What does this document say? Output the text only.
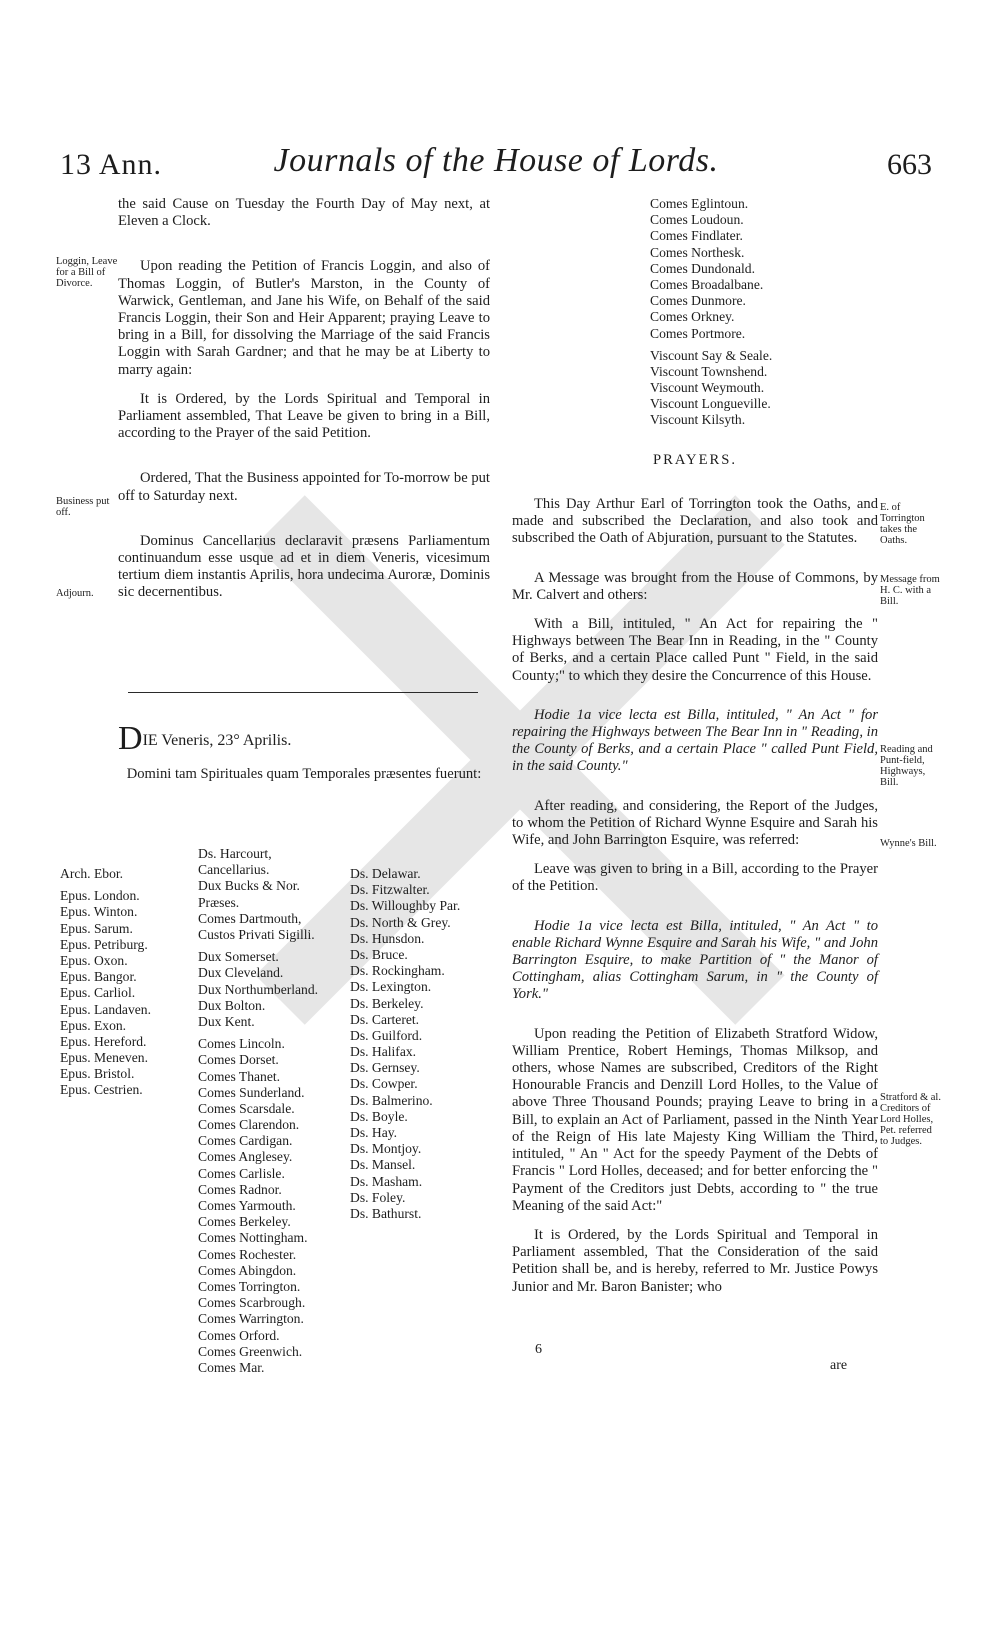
13 Ann.	Journals of the House of Lords.	663

the said Cause on Tuesday the Fourth Day of May next, at Eleven a Clock.

Upon reading the Petition of Francis Loggin, and also of Thomas Loggin, of Butler's Marston, in the County of Warwick, Gentleman, and Jane his Wife, on Behalf of the said Francis Loggin, their Son and Heir Apparent; praying Leave to bring in a Bill, for dissolving the Marriage of the said Francis Loggin with Sarah Gardner; and that he may be at Liberty to marry again:

It is Ordered, by the Lords Spiritual and Temporal in Parliament assembled, That Leave be given to bring in a Bill, according to the Prayer of the said Petition.

Ordered, That the Business appointed for To-morrow be put off to Saturday next.

Dominus Cancellarius declaravit præsens Parliamentum continuandum esse usque ad et in diem Veneris, vicesimum tertium diem instantis Aprilis, hora undecima Auroræ, Dominis sic decernentibus.

Loggin, Leave for a Bill of Divorce.
Business put off.
Adjourn.
DIE Veneris, 23° Aprilis.
Domini tam Spirituales quam Temporales præsentes fuerunt:
Arch. Ebor.
Epus. London.
Epus. Winton.
Epus. Sarum.
Epus. Petriburg.
Epus. Oxon.
Epus. Bangor.
Epus. Carliol.
Epus. Landaven.
Epus. Exon.
Epus. Hereford.
Epus. Meneven.
Epus. Bristol.
Epus. Cestrien.
Ds. Harcourt, Cancellarius.
Dux Bucks & Nor. Præses.
Comes Dartmouth, Custos Privati Sigilli.
Dux Somerset.
Dux Cleveland.
Dux Northumberland.
Dux Bolton.
Dux Kent.
Comes Lincoln.
Comes Dorset.
Comes Thanet.
Comes Sunderland.
Comes Scarsdale.
Comes Clarendon.
Comes Cardigan.
Comes Anglesey.
Comes Carlisle.
Comes Radnor.
Comes Yarmouth.
Comes Berkeley.
Comes Nottingham.
Comes Rochester.
Comes Abingdon.
Comes Torrington.
Comes Scarbrough.
Comes Warrington.
Comes Orford.
Comes Greenwich.
Comes Mar.
Ds. Delawar.
Ds. Fitzwalter.
Ds. Willoughby Par.
Ds. North & Grey.
Ds. Hunsdon.
Ds. Bruce.
Ds. Rockingham.
Ds. Lexington.
Ds. Berkeley.
Ds. Carteret.
Ds. Guilford.
Ds. Halifax.
Ds. Gernsey.
Ds. Cowper.
Ds. Balmerino.
Ds. Boyle.
Ds. Hay.
Ds. Montjoy.
Ds. Mansel.
Ds. Masham.
Ds. Foley.
Ds. Bathurst.
Comes Eglintoun.
Comes Loudoun.
Comes Findlater.
Comes Northesk.
Comes Dundonald.
Comes Broadalbane.
Comes Dunmore.
Comes Orkney.
Comes Portmore.
Viscount Say & Seale.
Viscount Townshend.
Viscount Weymouth.
Viscount Longueville.
Viscount Kilsyth.
PRAYERS.

This Day Arthur Earl of Torrington took the Oaths, and made and subscribed the Declaration, and also took and subscribed the Oath of Abjuration, pursuant to the Statutes.

A Message was brought from the House of Commons, by Mr. Calvert and others:

With a Bill, intituled, " An Act for repairing the " Highways between The Bear Inn in Reading, in the " County of Berks, and a certain Place called Punt " Field, in the said County;" to which they desire the Concurrence of this House.

Hodie 1a vice lecta est Billa, intituled, " An Act " for repairing the Highways between The Bear Inn in " Reading, in the County of Berks, and a certain Place " called Punt Field, in the said County."

After reading, and considering, the Report of the Judges, to whom the Petition of Richard Wynne Esquire and Sarah his Wife, and John Barrington Esquire, was referred:

Leave was given to bring in a Bill, according to the Prayer of the Petition.

Hodie 1a vice lecta est Billa, intituled, " An Act " to enable Richard Wynne Esquire and Sarah his Wife, " and John Barrington Esquire, to make Partition of " the Manor of Cottingham, alias Cottingham Sarum, in " the County of York."

Upon reading the Petition of Elizabeth Stratford Widow, William Prentice, Robert Hemings, Thomas Milksop, and others, whose Names are subscribed, Creditors of the Right Honourable Francis and Denzill Lord Holles, to the Value of above Three Thousand Pounds; praying Leave to bring in a Bill, to explain an Act of Parliament, passed in the Ninth Year of the Reign of His late Majesty King William the Third, intituled, " An " Act for the speedy Payment of the Debts of Francis " Lord Holles, deceased; and for better enforcing the " Payment of the Creditors just Debts, according to " the true Meaning of the said Act:"

It is Ordered, by the Lords Spiritual and Temporal in Parliament assembled, That the Consideration of the said Petition shall be, and is hereby, referred to Mr. Justice Powys Junior and Mr. Baron Banister; who

E. of Torrington takes the Oaths.
Message from H. C. with a Bill.
Reading and Punt-field, Highways, Bill.
Wynne's Bill.
Stratford & al. Creditors of Lord Holles, Pet. referred to Judges.
6
are
